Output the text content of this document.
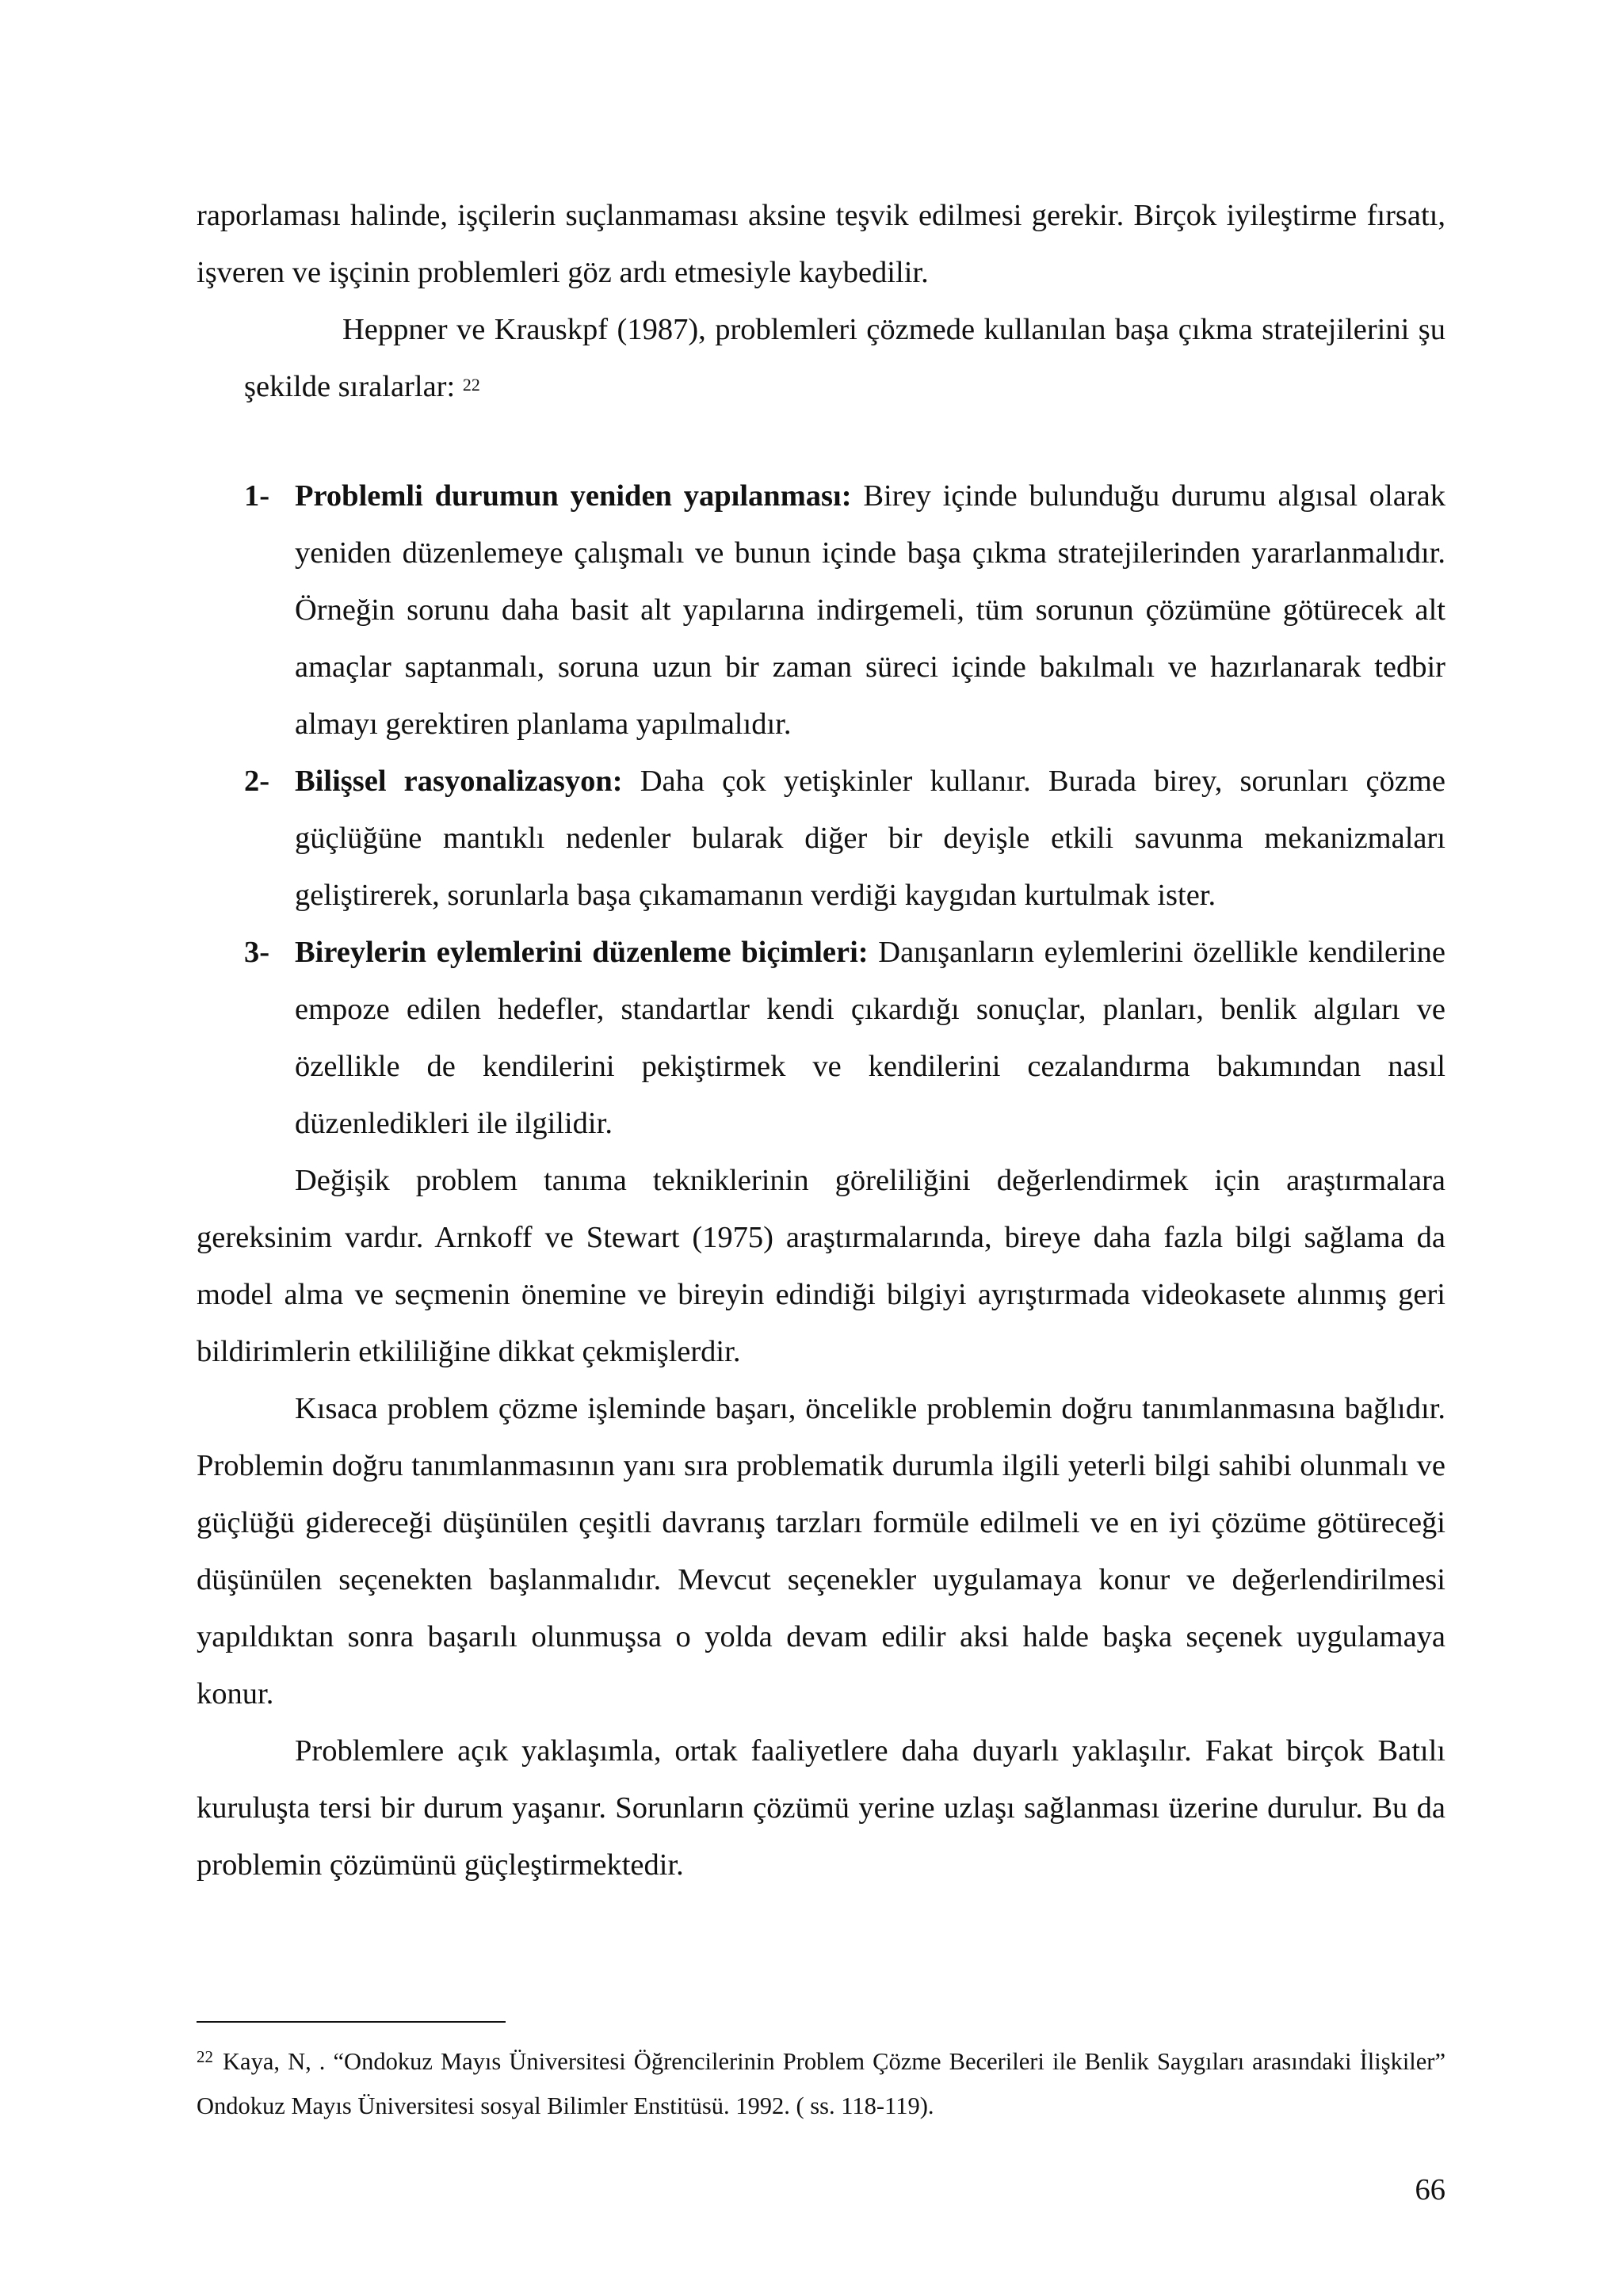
raporlaması halinde, işçilerin suçlanmaması aksine teşvik edilmesi gerekir. Birçok iyileştirme fırsatı, işveren ve işçinin problemleri göz ardı etmesiyle kaybedilir.

Heppner ve Krauskpf (1987), problemleri çözmede kullanılan başa çıkma stratejilerini şu şekilde sıralarlar: $^{22}$

1- Problemli durumun yeniden yapılanması: Birey içinde bulunduğu durumu algısal olarak yeniden düzenlemeye çalışmalı ve bunun içinde başa çıkma stratejilerinden yararlanmalıdır. Örneğin sorunu daha basit alt yapılarına indirgemeli, tüm sorunun çözümüne götürecek alt amaçlar saptanmalı, soruna uzun bir zaman süreci içinde bakılmalı ve hazırlanarak tedbir almayı gerektiren planlama yapılmalıdır.

2- Bilişsel rasyonalizasyon: Daha çok yetişkinler kullanır. Burada birey, sorunları çözme güçlüğüne mantıklı nedenler bularak diğer bir deyişle etkili savunma mekanizmaları geliştirerek, sorunlarla başa çıkamamanın verdiği kaygıdan kurtulmak ister.

3- Bireylerin eylemlerini düzenleme biçimleri: Danışanların eylemlerini özellikle kendilerine empoze edilen hedefler, standartlar kendi çıkardığı sonuçlar, planları, benlik algıları ve özellikle de kendilerini pekiştirmek ve kendilerini cezalandırma bakımından nasıl düzenledikleri ile ilgilidir.

Değişik problem tanıma tekniklerinin göreliliğini değerlendirmek için araştırmalara gereksinim vardır. Arnkoff ve Stewart (1975) araştırmalarında, bireye daha fazla bilgi sağlama da model alma ve seçmenin önemine ve bireyin edindiği bilgiyi ayrıştırmada videokasete alınmış geri bildirimlerin etkililiğine dikkat çekmişlerdir.

Kısaca problem çözme işleminde başarı, öncelikle problemin doğru tanımlanmasına bağlıdır. Problemin doğru tanımlanmasının yanı sıra problematik durumla ilgili yeterli bilgi sahibi olunmalı ve güçlüğü gidereceği düşünülen çeşitli davranış tarzları formüle edilmeli ve en iyi çözüme götüreceği düşünülen seçenekten başlanmalıdır. Mevcut seçenekler uygulamaya konur ve değerlendirilmesi yapıldıktan sonra başarılı olunmuşsa o yolda devam edilir aksi halde başka seçenek uygulamaya konur.

Problemlere açık yaklaşımla, ortak faaliyetlere daha duyarlı yaklaşılır. Fakat birçok Batılı kuruluşta tersi bir durum yaşanır. Sorunların çözümü yerine uzlaşı sağlanması üzerine durulur. Bu da problemin çözümünü güçleştirmektedir.

$^{22}$ Kaya, N, . “Ondokuz Mayıs Üniversitesi Öğrencilerinin Problem Çözme Becerileri ile Benlik Saygıları arasındaki İlişkiler” Ondokuz Mayıs Üniversitesi sosyal Bilimler Enstitüsü. 1992. ( ss. 118-119).
66
